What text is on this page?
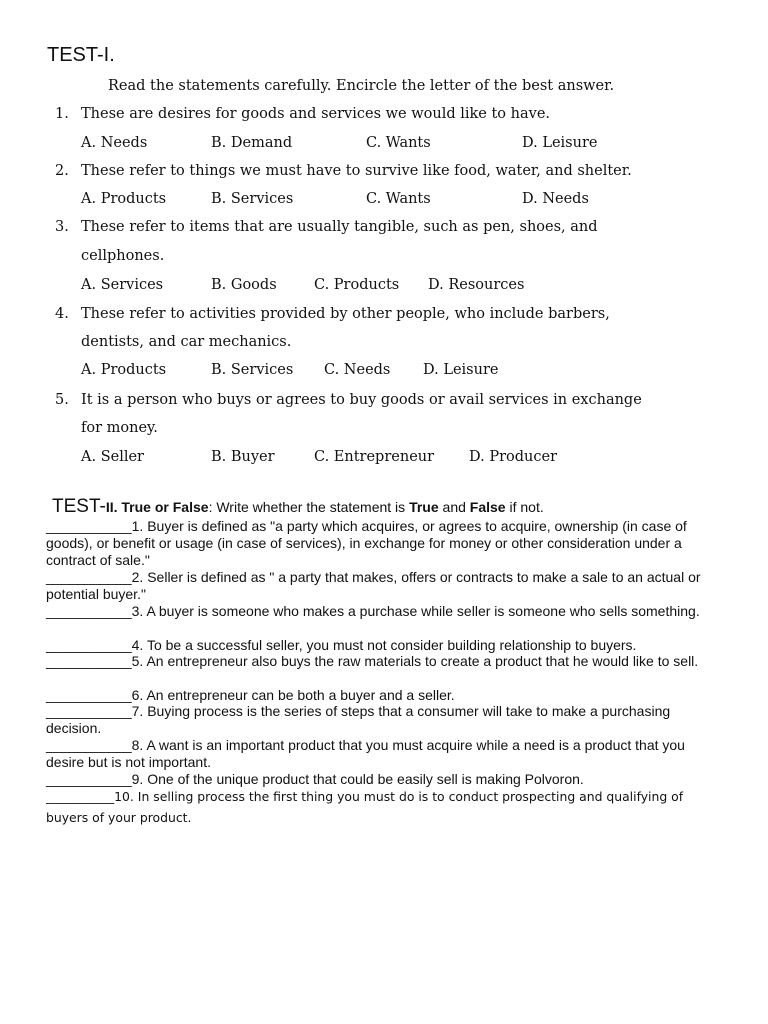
TEST-I.
Read the statements carefully. Encircle the letter of the best answer.
1. These are desires for goods and services we would like to have.
A. Needs	B. Demand	C. Wants	D. Leisure
2. These refer to things we must have to survive like food, water, and shelter.
A. Products	B. Services	C. Wants	D. Needs
3. These refer to items that are usually tangible, such as pen, shoes, and
cellphones.
A. Services	B. Goods	C. Products D. Resources
4. These refer to activities provided by other people, who include barbers,
dentists, and car mechanics.
A. Products	B. Services C. Needs D. Leisure
5. It is a person who buys or agrees to buy goods or avail services in exchange
for money.
A. Seller	B. Buyer	C. Entrepreneur D. Producer
TEST-II. True or False: Write whether the statement is True and False if not.
___________1. Buyer is defined as "a party which acquires, or agrees to acquire, ownership (in case of goods), or benefit or usage (in case of services), in exchange for money or other consideration under a contract of sale."
___________2. Seller is defined as " a party that makes, offers or contracts to make a sale to an actual or potential buyer."
___________3. A buyer is someone who makes a purchase while seller is someone who sells something.
___________4. To be a successful seller, you must not consider building relationship to buyers.
___________5. An entrepreneur also buys the raw materials to create a product that he would like to sell.
___________6. An entrepreneur can be both a buyer and a seller.
___________7. Buying process is the series of steps that a consumer will take to make a purchasing decision.
___________8. A want is an important product that you must acquire while a need is a product that you desire but is not important.
___________9. One of the unique product that could be easily sell is making Polvoron.
___________10. In selling process the first thing you must do is to conduct prospecting and qualifying of buyers of your product.
